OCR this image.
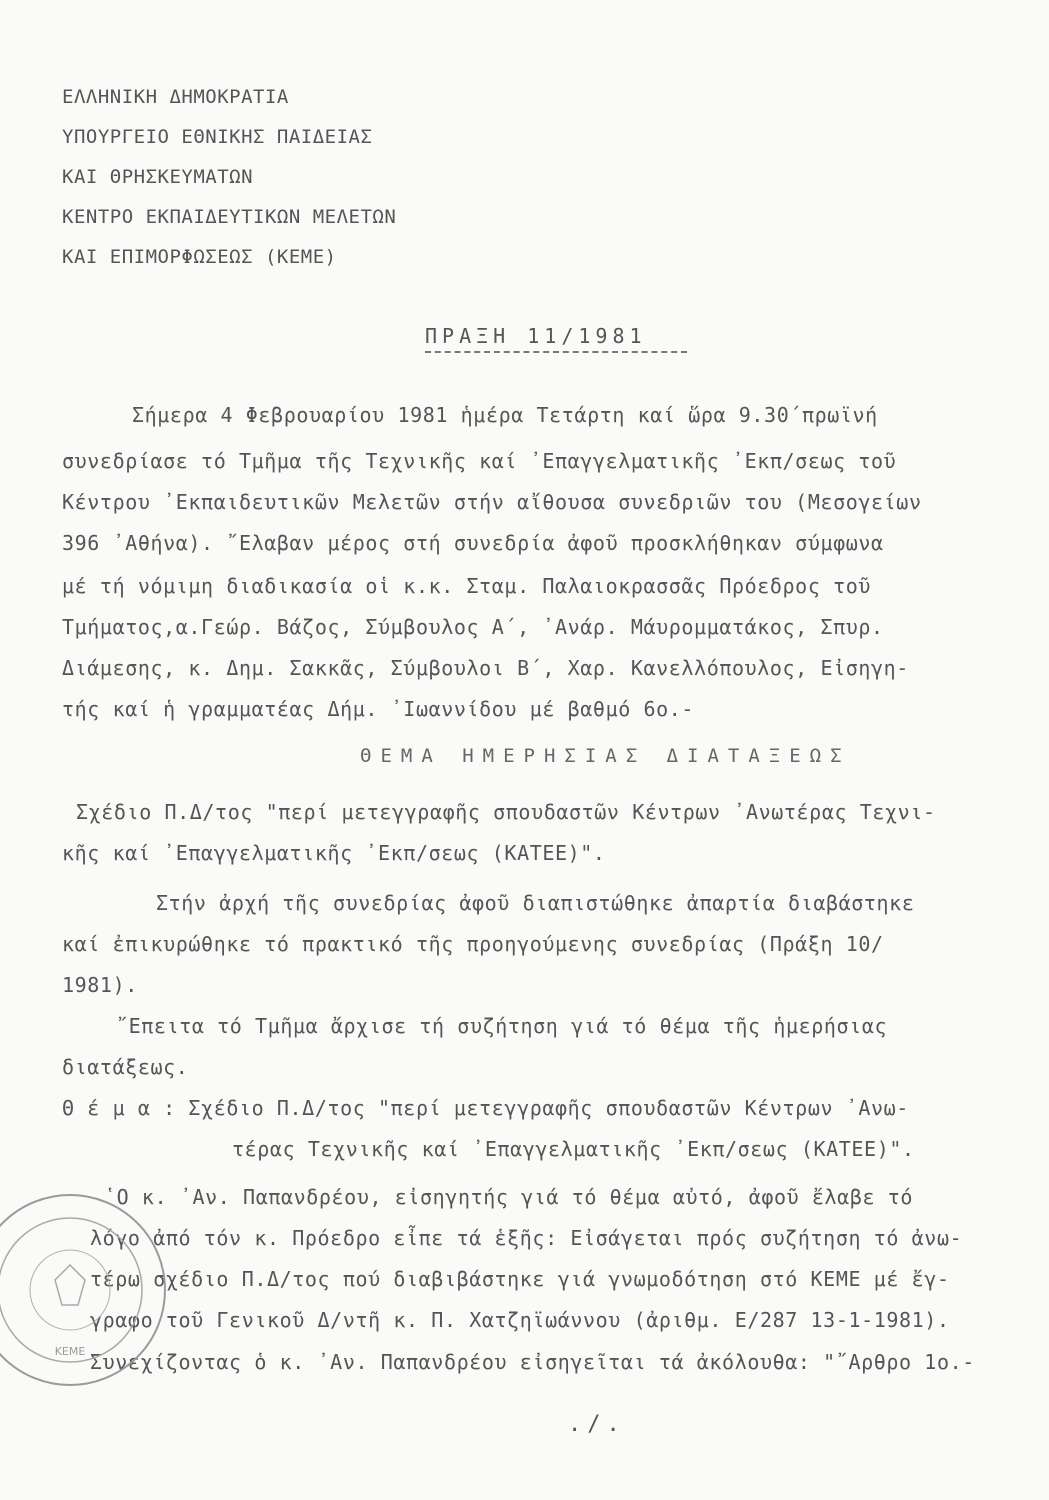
ΕΛΛΗΝΙΚΗ ΔΗΜΟΚΡΑΤΙΑ
ΥΠΟΥΡΓΕΙΟ ΕΘΝΙΚΗΣ ΠΑΙΔΕΙΑΣ
ΚΑΙ ΘΡΗΣΚΕΥΜΑΤΩΝ
ΚΕΝΤΡΟ ΕΚΠΑΙΔΕΥΤΙΚΩΝ ΜΕΛΕΤΩΝ
ΚΑΙ ΕΠΙΜΟΡΦΩΣΕΩΣ (ΚΕΜΕ)
ΠΡΑΞΗ 11/1981
Σήμερα 4 Φεβρουαρίου 1981 ἡμέρα Τετάρτη καί ὥρα 9.30΄πρωϊνή
συνεδρίασε τό Τμῆμα τῆς Τεχνικῆς καί ᾿Επαγγελματικῆς ᾿Εκπ/σεως τοῦ
Κέντρου ᾿Εκπαιδευτικῶν Μελετῶν στήν αἴθουσα συνεδριῶν του (Μεσογείων
396 ᾿Αθήνα). ῎Ελαβαν μέρος στή συνεδρία ἀφοῦ προσκλήθηκαν σύμφωνα
μέ τή νόμιμη διαδικασία οἱ κ.κ. Σταμ. Παλαιοκρασσᾶς Πρόεδρος τοῦ
Τμήματος,α.Γεώρ. Βάζος, Σύμβουλος Α΄, ᾿Ανάρ. Μάυρομματάκος, Σπυρ.
Διάμεσης, κ. Δημ. Σακκᾶς, Σύμβουλοι Β΄, Χαρ. Κανελλόπουλος, Εἰσηγη-
τής καί ἡ γραμματέας Δήμ. ᾿Ιωαννίδου μέ βαθμό 6ο.-
ΘΕΜΑ ΗΜΕΡΗΣΙΑΣ ΔΙΑΤΑΞΕΩΣ
Σχέδιο Π.Δ/τος "περί μετεγγραφῆς σπουδαστῶν Κέντρων ᾿Ανωτέρας Τεχνι-
κῆς καί ᾿Επαγγελματικῆς ᾿Εκπ/σεως (ΚΑΤΕΕ)".
Στήν ἀρχή τῆς συνεδρίας ἀφοῦ διαπιστώθηκε ἀπαρτία διαβάστηκε
καί ἐπικυρώθηκε τό πρακτικό τῆς προηγούμενης συνεδρίας (Πράξη 10/
1981).
῎Επειτα τό Τμῆμα ἄρχισε τή συζήτηση γιά τό θέμα τῆς ἡμερήσιας
διατάξεως.
Θ έ μ α : Σχέδιο Π.Δ/τος "περί μετεγγραφῆς σπουδαστῶν Κέντρων ᾿Ανω-
τέρας Τεχνικῆς καί ᾿Επαγγελματικῆς ᾿Εκπ/σεως (ΚΑΤΕΕ)".
῾Ο κ. ᾿Αν. Παπανδρέου, εἰσηγητής γιά τό θέμα αὐτό, ἀφοῦ ἔλαβε τό
λόγο ἀπό τόν κ. Πρόεδρο εἶπε τά ἑξῆς: Εἰσάγεται πρός συζήτηση τό ἀνω-
τέρω σχέδιο Π.Δ/τος πού διαβιβάστηκε γιά γνωμοδότηση στό ΚΕΜΕ μέ ἔγ-
γραφο τοῦ Γενικοῦ Δ/ντῆ κ. Π. Χατζηϊωάννου (ἀριθμ. Ε/287 13-1-1981).
Συνεχίζοντας ὁ κ. ᾿Αν. Παπανδρέου εἰσηγεῖται τά ἀκόλουθα: "῎Αρθρο 1ο.-
./.
ΚΕΜΕ
